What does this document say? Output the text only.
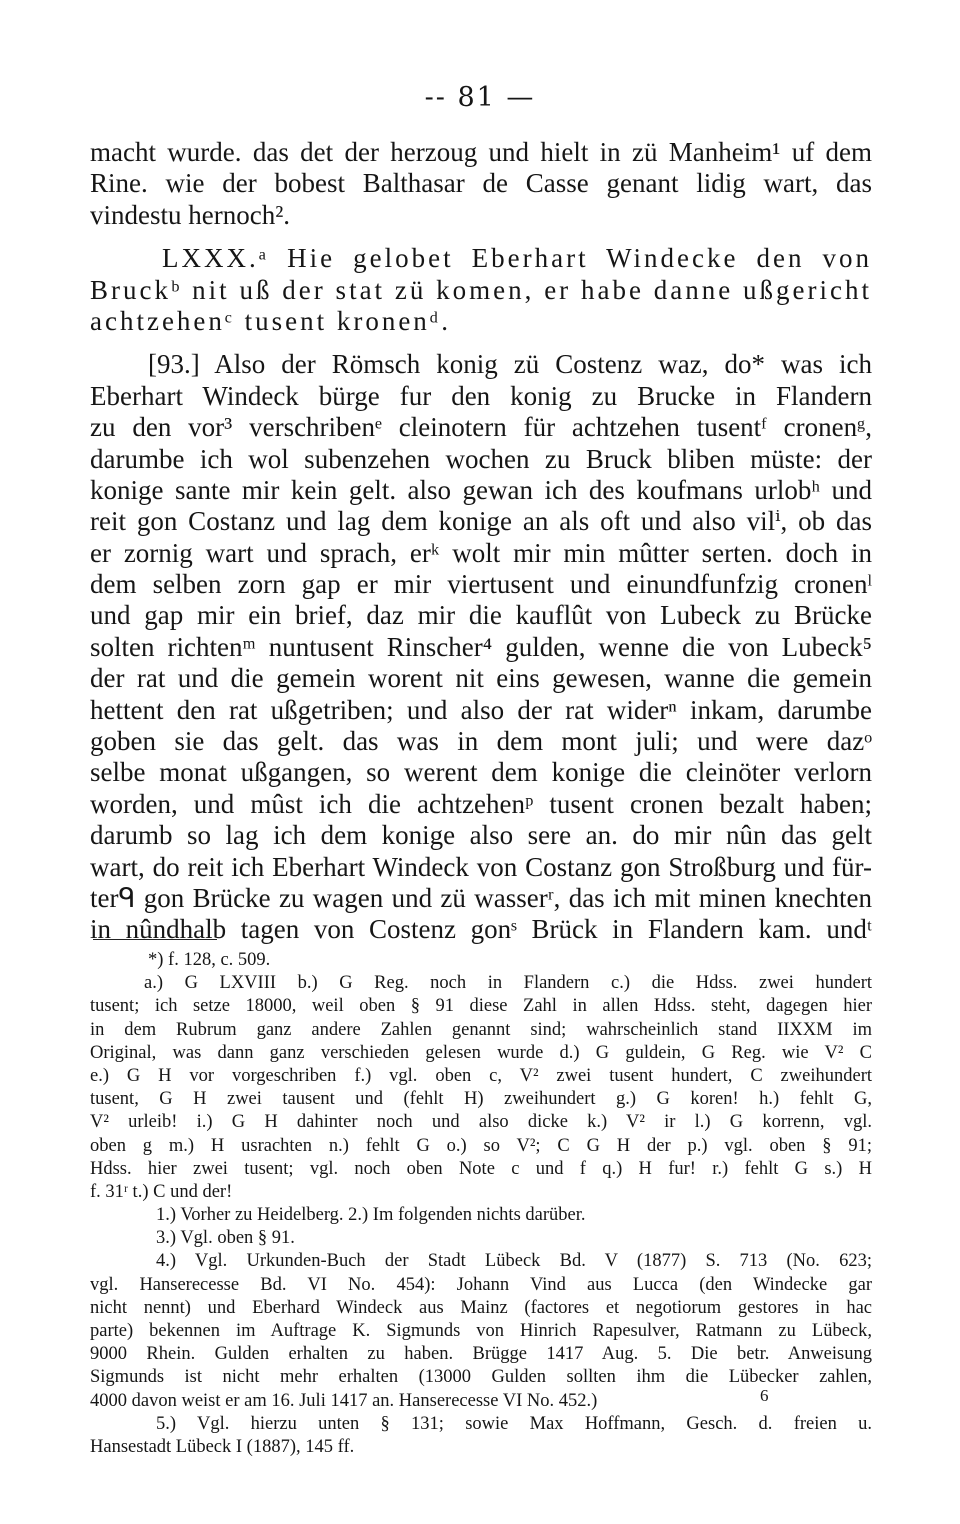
-- 81 —
macht wurde. das det der herzoug und hielt in zü Manheim¹ uf dem
Rine. wie der bobest Balthasar de Casse genant lidig wart, das
vindestu hernoch².
LXXX.ᵃ Hie gelobet Eberhart Windecke den von
Bruckᵇ nit uß der stat zü komen, er habe danne ußgericht
achtzehenᶜ tusent kronenᵈ.
[93.] Also der Römsch konig zü Costenz waz, do* was ich
Eberhart Windeck bürge fur den konig zu Brucke in Flandern
zu den vor³ verschribenᵉ cleinotern für achtzehen tusentᶠ cronenᵍ,
darumbe ich wol subenzehen wochen zu Bruck bliben müste: der
konige sante mir kein gelt. also gewan ich des koufmans urlobʰ und
reit gon Costanz und lag dem konige an als oft und also vilⁱ, ob das
er zornig wart und sprach, erᵏ wolt mir min mûtter serten. doch in
dem selben zorn gap er mir viertusent und einundfunfzig cronenˡ
und gap mir ein brief, daz mir die kauflût von Lubeck zu Brücke
solten richtenᵐ nuntusent Rinscher⁴ gulden, wenne die von Lubeck⁵
der rat und die gemein worent nit eins gewesen, wanne die gemein
hettent den rat ußgetriben; und also der rat widerⁿ inkam, darumbe
goben sie das gelt. das was in dem mont juli; und were dazᵒ
selbe monat ußgangen, so werent dem konige die cleinöter verlorn
worden, und mûst ich die achtzehenᵖ tusent cronen bezalt haben;
darumb so lag ich dem konige also sere an. do mir nûn das gelt
wart, do reit ich Eberhart Windeck von Costanz gon Stroßburg und für-
terᑫ gon Brücke zu wagen und zü wasserʳ, das ich mit minen knechten
in nûndhalb tagen von Costenz gonˢ Brück in Flandern kam. undᵗ
*) f. 128, c. 509.
a.) G LXVIII b.) G Reg. noch in Flandern c.) die Hdss. zwei hundert
tusent; ich setze 18000, weil oben § 91 diese Zahl in allen Hdss. steht, dagegen hier
in dem Rubrum ganz andere Zahlen genannt sind; wahrscheinlich stand IIXXM im
Original, was dann ganz verschieden gelesen wurde d.) G guldein, G Reg. wie V² C
e.) G H vor vorgeschriben f.) vgl. oben c, V² zwei tusent hundert, C zweihundert
tusent, G H zwei tausent und (fehlt H) zweihundert g.) G koren! h.) fehlt G,
V² urleib! i.) G H dahinter noch und also dicke k.) V² ir l.) G korrenn, vgl.
oben g m.) H usrachten n.) fehlt G o.) so V²; C G H der p.) vgl. oben § 91;
Hdss. hier zwei tusent; vgl. noch oben Note c und f q.) H fur! r.) fehlt G s.) H
f. 31ʳ t.) C und der!
1.) Vorher zu Heidelberg. 2.) Im folgenden nichts darüber.
3.) Vgl. oben § 91.
4.) Vgl. Urkunden-Buch der Stadt Lübeck Bd. V (1877) S. 713 (No. 623;
vgl. Hanserecesse Bd. VI No. 454): Johann Vind aus Lucca (den Windecke gar
nicht nennt) und Eberhard Windeck aus Mainz (factores et negotiorum gestores in hac
parte) bekennen im Auftrage K. Sigmunds von Hinrich Rapesulver, Ratmann zu Lübeck,
9000 Rhein. Gulden erhalten zu haben. Brügge 1417 Aug. 5. Die betr. Anweisung
Sigmunds ist nicht mehr erhalten (13000 Gulden sollten ihm die Lübecker zahlen,
4000 davon weist er am 16. Juli 1417 an. Hanserecesse VI No. 452.)
5.) Vgl. hierzu unten § 131; sowie Max Hoffmann, Gesch. d. freien u.
Hansestadt Lübeck I (1887), 145 ff.
6
